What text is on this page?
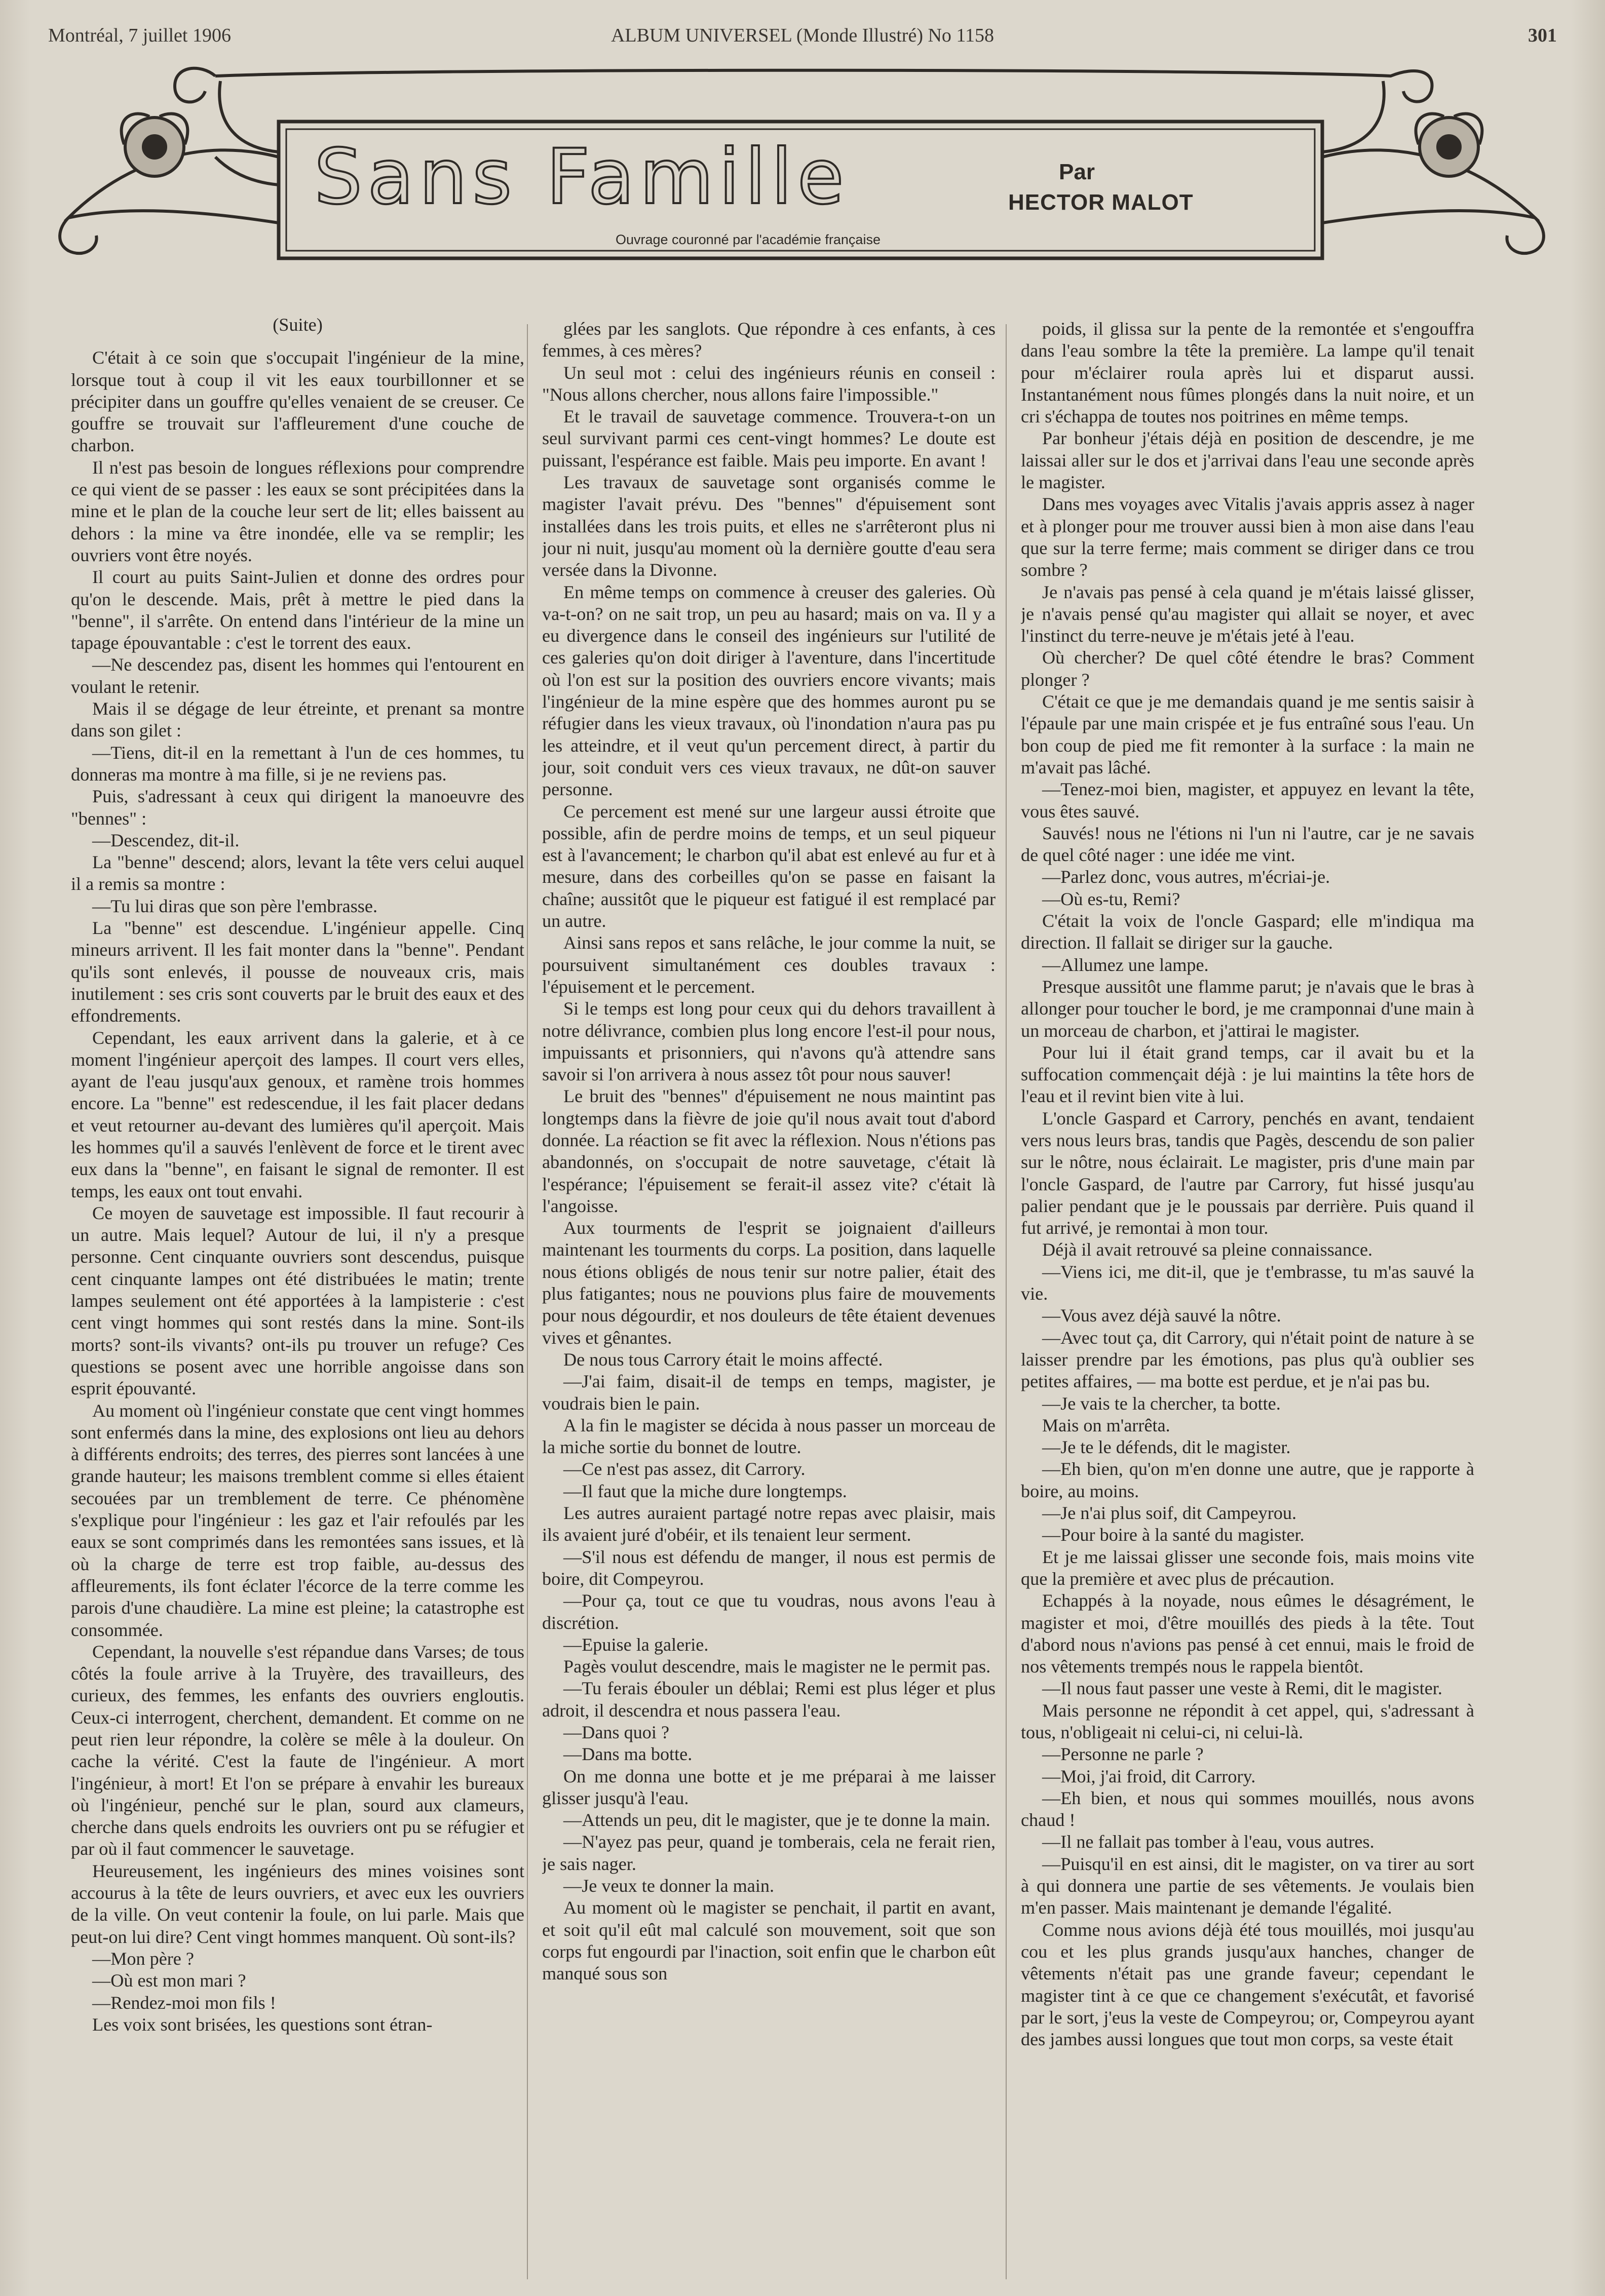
Montréal, 7 juillet 1906	ALBUM UNIVERSEL (Monde Illustré) No 1158	301
Sans Famille	Par
HECTOR MALOT
Ouvrage couronné par l'académie française

(Suite)

C'était à ce soin que s'occupait l'ingénieur de la mine, lorsque tout à coup il vit les eaux tourbillonner et se précipiter dans un gouffre qu'elles venaient de se creuser. Ce gouffre se trouvait sur l'affleurement d'une couche de charbon.

Il n'est pas besoin de longues réflexions pour comprendre ce qui vient de se passer : les eaux se sont précipitées dans la mine et le plan de la couche leur sert de lit; elles baissent au dehors : la mine va être inondée, elle va se remplir; les ouvriers vont être noyés.

Il court au puits Saint-Julien et donne des ordres pour qu'on le descende. Mais, prêt à mettre le pied dans la "benne", il s'arrête. On entend dans l'intérieur de la mine un tapage épouvantable : c'est le torrent des eaux.

—Ne descendez pas, disent les hommes qui l'entourent en voulant le retenir.

Mais il se dégage de leur étreinte, et prenant sa montre dans son gilet :

—Tiens, dit-il en la remettant à l'un de ces hommes, tu donneras ma montre à ma fille, si je ne reviens pas.

Puis, s'adressant à ceux qui dirigent la manoeuvre des "bennes" :

—Descendez, dit-il.

La "benne" descend; alors, levant la tête vers celui auquel il a remis sa montre :

—Tu lui diras que son père l'embrasse.

La "benne" est descendue. L'ingénieur appelle. Cinq mineurs arrivent. Il les fait monter dans la "benne". Pendant qu'ils sont enlevés, il pousse de nouveaux cris, mais inutilement : ses cris sont couverts par le bruit des eaux et des effondrements.

Cependant, les eaux arrivent dans la galerie, et à ce moment l'ingénieur aperçoit des lampes. Il court vers elles, ayant de l'eau jusqu'aux genoux, et ramène trois hommes encore. La "benne" est redescendue, il les fait placer dedans et veut retourner au-devant des lumières qu'il aperçoit. Mais les hommes qu'il a sauvés l'enlèvent de force et le tirent avec eux dans la "benne", en faisant le signal de remonter. Il est temps, les eaux ont tout envahi.

Ce moyen de sauvetage est impossible. Il faut recourir à un autre. Mais lequel? Autour de lui, il n'y a presque personne. Cent cinquante ouvriers sont descendus, puisque cent cinquante lampes ont été distribuées le matin; trente lampes seulement ont été apportées à la lampisterie : c'est cent vingt hommes qui sont restés dans la mine. Sont-ils morts? sont-ils vivants? ont-ils pu trouver un refuge? Ces questions se posent avec une horrible angoisse dans son esprit épouvanté.

Au moment où l'ingénieur constate que cent vingt hommes sont enfermés dans la mine, des explosions ont lieu au dehors à différents endroits; des terres, des pierres sont lancées à une grande hauteur; les maisons tremblent comme si elles étaient secouées par un tremblement de terre. Ce phénomène s'explique pour l'ingénieur : les gaz et l'air refoulés par les eaux se sont comprimés dans les remontées sans issues, et là où la charge de terre est trop faible, au-dessus des affleurements, ils font éclater l'écorce de la terre comme les parois d'une chaudière. La mine est pleine; la catastrophe est consommée.

Cependant, la nouvelle s'est répandue dans Varses; de tous côtés la foule arrive à la Truyère, des travailleurs, des curieux, des femmes, les enfants des ouvriers engloutis. Ceux-ci interrogent, cherchent, demandent. Et comme on ne peut rien leur répondre, la colère se mêle à la douleur. On cache la vérité. C'est la faute de l'ingénieur. A mort l'ingénieur, à mort! Et l'on se prépare à envahir les bureaux où l'ingénieur, penché sur le plan, sourd aux clameurs, cherche dans quels endroits les ouvriers ont pu se réfugier et par où il faut commencer le sauvetage.

Heureusement, les ingénieurs des mines voisines sont accourus à la tête de leurs ouvriers, et avec eux les ouvriers de la ville. On veut contenir la foule, on lui parle. Mais que peut-on lui dire? Cent vingt hommes manquent. Où sont-ils?

—Mon père ?

—Où est mon mari ?

—Rendez-moi mon fils !

Les voix sont brisées, les questions sont étran-

glées par les sanglots. Que répondre à ces enfants, à ces femmes, à ces mères?

Un seul mot : celui des ingénieurs réunis en conseil : "Nous allons chercher, nous allons faire l'impossible."

Et le travail de sauvetage commence. Trouvera-t-on un seul survivant parmi ces cent-vingt hommes? Le doute est puissant, l'espérance est faible. Mais peu importe. En avant !

Les travaux de sauvetage sont organisés comme le magister l'avait prévu. Des "bennes" d'épuisement sont installées dans les trois puits, et elles ne s'arrêteront plus ni jour ni nuit, jusqu'au moment où la dernière goutte d'eau sera versée dans la Divonne.

En même temps on commence à creuser des galeries. Où va-t-on? on ne sait trop, un peu au hasard; mais on va. Il y a eu divergence dans le conseil des ingénieurs sur l'utilité de ces galeries qu'on doit diriger à l'aventure, dans l'incertitude où l'on est sur la position des ouvriers encore vivants; mais l'ingénieur de la mine espère que des hommes auront pu se réfugier dans les vieux travaux, où l'inondation n'aura pas pu les atteindre, et il veut qu'un percement direct, à partir du jour, soit conduit vers ces vieux travaux, ne dût-on sauver personne.

Ce percement est mené sur une largeur aussi étroite que possible, afin de perdre moins de temps, et un seul piqueur est à l'avancement; le charbon qu'il abat est enlevé au fur et à mesure, dans des corbeilles qu'on se passe en faisant la chaîne; aussitôt que le piqueur est fatigué il est remplacé par un autre.

Ainsi sans repos et sans relâche, le jour comme la nuit, se poursuivent simultanément ces doubles travaux : l'épuisement et le percement.

Si le temps est long pour ceux qui du dehors travaillent à notre délivrance, combien plus long encore l'est-il pour nous, impuissants et prisonniers, qui n'avons qu'à attendre sans savoir si l'on arrivera à nous assez tôt pour nous sauver!

Le bruit des "bennes" d'épuisement ne nous maintint pas longtemps dans la fièvre de joie qu'il nous avait tout d'abord donnée. La réaction se fit avec la réflexion. Nous n'étions pas abandonnés, on s'occupait de notre sauvetage, c'était là l'espérance; l'épuisement se ferait-il assez vite? c'était là l'angoisse.

Aux tourments de l'esprit se joignaient d'ailleurs maintenant les tourments du corps. La position, dans laquelle nous étions obligés de nous tenir sur notre palier, était des plus fatigantes; nous ne pouvions plus faire de mouvements pour nous dégourdir, et nos douleurs de tête étaient devenues vives et gênantes.

De nous tous Carrory était le moins affecté.

—J'ai faim, disait-il de temps en temps, magister, je voudrais bien le pain.

A la fin le magister se décida à nous passer un morceau de la miche sortie du bonnet de loutre.

—Ce n'est pas assez, dit Carrory.

—Il faut que la miche dure longtemps.

Les autres auraient partagé notre repas avec plaisir, mais ils avaient juré d'obéir, et ils tenaient leur serment.

—S'il nous est défendu de manger, il nous est permis de boire, dit Compeyrou.

—Pour ça, tout ce que tu voudras, nous avons l'eau à discrétion.

—Epuise la galerie.

Pagès voulut descendre, mais le magister ne le permit pas.

—Tu ferais ébouler un déblai; Remi est plus léger et plus adroit, il descendra et nous passera l'eau.

—Dans quoi ?

—Dans ma botte.

On me donna une botte et je me préparai à me laisser glisser jusqu'à l'eau.

—Attends un peu, dit le magister, que je te donne la main.

—N'ayez pas peur, quand je tomberais, cela ne ferait rien, je sais nager.

—Je veux te donner la main.

Au moment où le magister se penchait, il partit en avant, et soit qu'il eût mal calculé son mouvement, soit que son corps fut engourdi par l'inaction, soit enfin que le charbon eût manqué sous son

poids, il glissa sur la pente de la remontée et s'engouffra dans l'eau sombre la tête la première. La lampe qu'il tenait pour m'éclairer roula après lui et disparut aussi. Instantanément nous fûmes plongés dans la nuit noire, et un cri s'échappa de toutes nos poitrines en même temps.

Par bonheur j'étais déjà en position de descendre, je me laissai aller sur le dos et j'arrivai dans l'eau une seconde après le magister.

Dans mes voyages avec Vitalis j'avais appris assez à nager et à plonger pour me trouver aussi bien à mon aise dans l'eau que sur la terre ferme; mais comment se diriger dans ce trou sombre ?

Je n'avais pas pensé à cela quand je m'étais laissé glisser, je n'avais pensé qu'au magister qui allait se noyer, et avec l'instinct du terre-neuve je m'étais jeté à l'eau.

Où chercher? De quel côté étendre le bras? Comment plonger ?

C'était ce que je me demandais quand je me sentis saisir à l'épaule par une main crispée et je fus entraîné sous l'eau. Un bon coup de pied me fit remonter à la surface : la main ne m'avait pas lâché.

—Tenez-moi bien, magister, et appuyez en levant la tête, vous êtes sauvé.

Sauvés! nous ne l'étions ni l'un ni l'autre, car je ne savais de quel côté nager : une idée me vint.

—Parlez donc, vous autres, m'écriai-je.

—Où es-tu, Remi?

C'était la voix de l'oncle Gaspard; elle m'indiqua ma direction. Il fallait se diriger sur la gauche.

—Allumez une lampe.

Presque aussitôt une flamme parut; je n'avais que le bras à allonger pour toucher le bord, je me cramponnai d'une main à un morceau de charbon, et j'attirai le magister.

Pour lui il était grand temps, car il avait bu et la suffocation commençait déjà : je lui maintins la tête hors de l'eau et il revint bien vite à lui.

L'oncle Gaspard et Carrory, penchés en avant, tendaient vers nous leurs bras, tandis que Pagès, descendu de son palier sur le nôtre, nous éclairait. Le magister, pris d'une main par l'oncle Gaspard, de l'autre par Carrory, fut hissé jusqu'au palier pendant que je le poussais par derrière. Puis quand il fut arrivé, je remontai à mon tour.

Déjà il avait retrouvé sa pleine connaissance.

—Viens ici, me dit-il, que je t'embrasse, tu m'as sauvé la vie.

—Vous avez déjà sauvé la nôtre.

—Avec tout ça, dit Carrory, qui n'était point de nature à se laisser prendre par les émotions, pas plus qu'à oublier ses petites affaires, — ma botte est perdue, et je n'ai pas bu.

—Je vais te la chercher, ta botte.

Mais on m'arrêta.

—Je te le défends, dit le magister.

—Eh bien, qu'on m'en donne une autre, que je rapporte à boire, au moins.

—Je n'ai plus soif, dit Campeyrou.

—Pour boire à la santé du magister.

Et je me laissai glisser une seconde fois, mais moins vite que la première et avec plus de précaution.

Echappés à la noyade, nous eûmes le désagrément, le magister et moi, d'être mouillés des pieds à la tête. Tout d'abord nous n'avions pas pensé à cet ennui, mais le froid de nos vêtements trempés nous le rappela bientôt.

—Il nous faut passer une veste à Remi, dit le magister.

Mais personne ne répondit à cet appel, qui, s'adressant à tous, n'obligeait ni celui-ci, ni celui-là.

—Personne ne parle ?

—Moi, j'ai froid, dit Carrory.

—Eh bien, et nous qui sommes mouillés, nous avons chaud !

—Il ne fallait pas tomber à l'eau, vous autres.

—Puisqu'il en est ainsi, dit le magister, on va tirer au sort à qui donnera une partie de ses vêtements. Je voulais bien m'en passer. Mais maintenant je demande l'égalité.

Comme nous avions déjà été tous mouillés, moi jusqu'au cou et les plus grands jusqu'aux hanches, changer de vêtements n'était pas une grande faveur; cependant le magister tint à ce que ce changement s'exécutât, et favorisé par le sort, j'eus la veste de Compeyrou; or, Compeyrou ayant des jambes aussi longues que tout mon corps, sa veste était
